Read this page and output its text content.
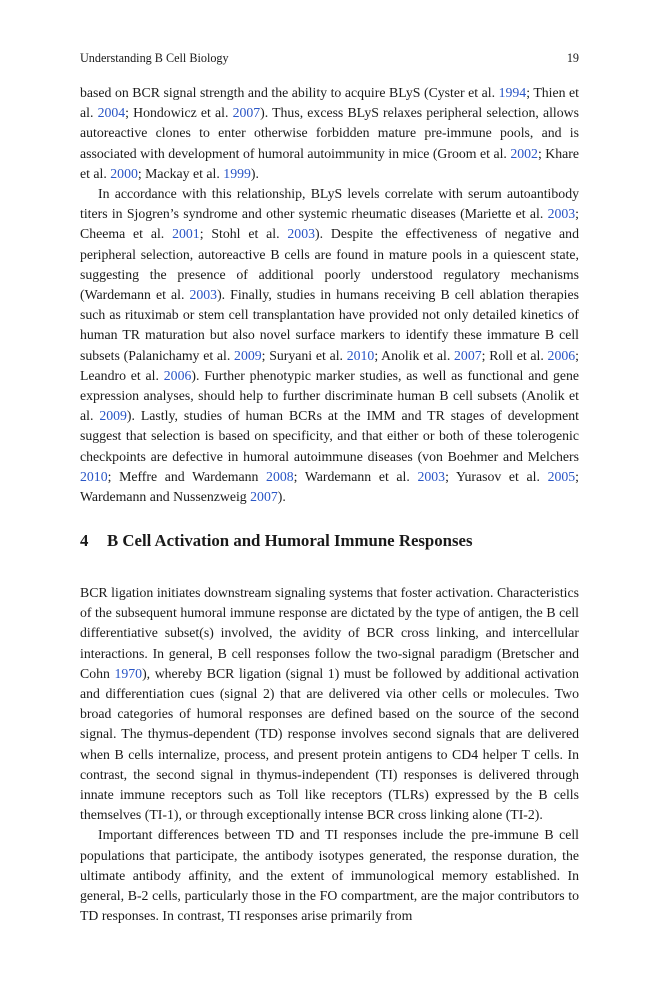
Understanding B Cell Biology	19

based on BCR signal strength and the ability to acquire BLyS (Cyster et al. 1994; Thien et al. 2004; Hondowicz et al. 2007). Thus, excess BLyS relaxes peripheral selection, allows autoreactive clones to enter otherwise forbidden mature pre-immune pools, and is associated with development of humoral autoimmunity in mice (Groom et al. 2002; Khare et al. 2000; Mackay et al. 1999).

In accordance with this relationship, BLyS levels correlate with serum autoantibody titers in Sjogren’s syndrome and other systemic rheumatic diseases (Mariette et al. 2003; Cheema et al. 2001; Stohl et al. 2003). Despite the effectiveness of negative and peripheral selection, autoreactive B cells are found in mature pools in a quiescent state, suggesting the presence of additional poorly understood regulatory mechanisms (Wardemann et al. 2003). Finally, studies in humans receiving B cell ablation therapies such as rituximab or stem cell transplantation have provided not only detailed kinetics of human TR maturation but also novel surface markers to identify these immature B cell subsets (Palanichamy et al. 2009; Suryani et al. 2010; Anolik et al. 2007; Roll et al. 2006; Leandro et al. 2006). Further phenotypic marker studies, as well as functional and gene expression analyses, should help to further discriminate human B cell subsets (Anolik et al. 2009). Lastly, studies of human BCRs at the IMM and TR stages of development suggest that selection is based on specificity, and that either or both of these tolerogenic checkpoints are defective in humoral autoimmune diseases (von Boehmer and Melchers 2010; Meffre and Wardemann 2008; Wardemann et al. 2003; Yurasov et al. 2005; Wardemann and Nussenzweig 2007).

4 B Cell Activation and Humoral Immune Responses

BCR ligation initiates downstream signaling systems that foster activation. Characteristics of the subsequent humoral immune response are dictated by the type of antigen, the B cell differentiative subset(s) involved, the avidity of BCR cross linking, and intercellular interactions. In general, B cell responses follow the two-signal paradigm (Bretscher and Cohn 1970), whereby BCR ligation (signal 1) must be followed by additional activation and differentiation cues (signal 2) that are delivered via other cells or molecules. Two broad categories of humoral responses are defined based on the source of the second signal. The thymus-dependent (TD) response involves second signals that are delivered when B cells internalize, process, and present protein antigens to CD4 helper T cells. In contrast, the second signal in thymus-independent (TI) responses is delivered through innate immune receptors such as Toll like receptors (TLRs) expressed by the B cells themselves (TI-1), or through exceptionally intense BCR cross linking alone (TI-2).

Important differences between TD and TI responses include the pre-immune B cell populations that participate, the antibody isotypes generated, the response duration, the ultimate antibody affinity, and the extent of immunological memory established. In general, B-2 cells, particularly those in the FO compartment, are the major contributors to TD responses. In contrast, TI responses arise primarily from
